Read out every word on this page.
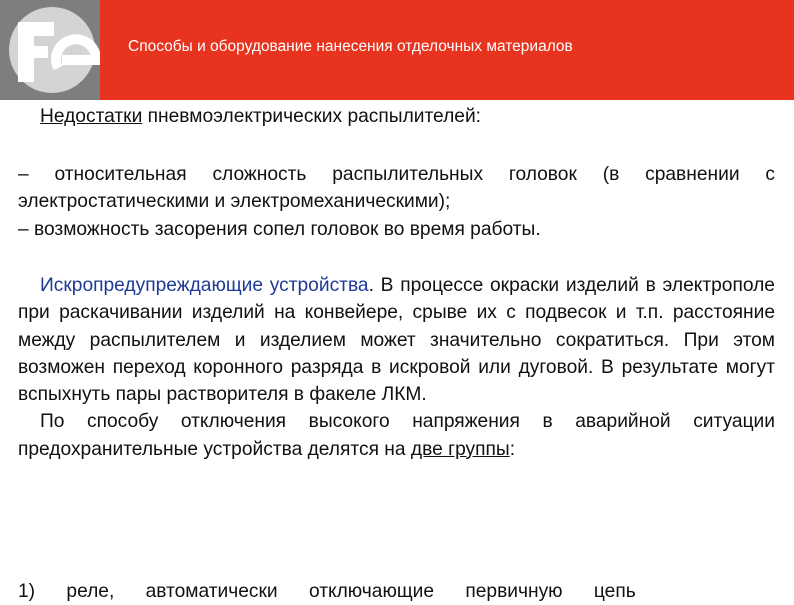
Способы и оборудование нанесения отделочных материалов
Недостатки пневмоэлектрических распылителей:

– относительная сложность распылительных головок (в сравнении с электростатическими и электромеханическими);

– возможность засорения сопел головок во время работы.

Искропредупреждающие устройства. В процессе окраски изделий в электрополе при раскачивании изделий на конвейере, срыве их с подвесок и т.п. расстояние между распылителем и изделием может значительно сократиться. При этом возможен переход коронного разряда в искровой или дуговой. В результате могут вспыхнуть пары растворителя в факеле ЛКМ.

По способу отключения высокого напряжения в аварийной ситуации предохранительные устройства делятся на две группы:

1) реле, автоматически отключающие первичную цепь
